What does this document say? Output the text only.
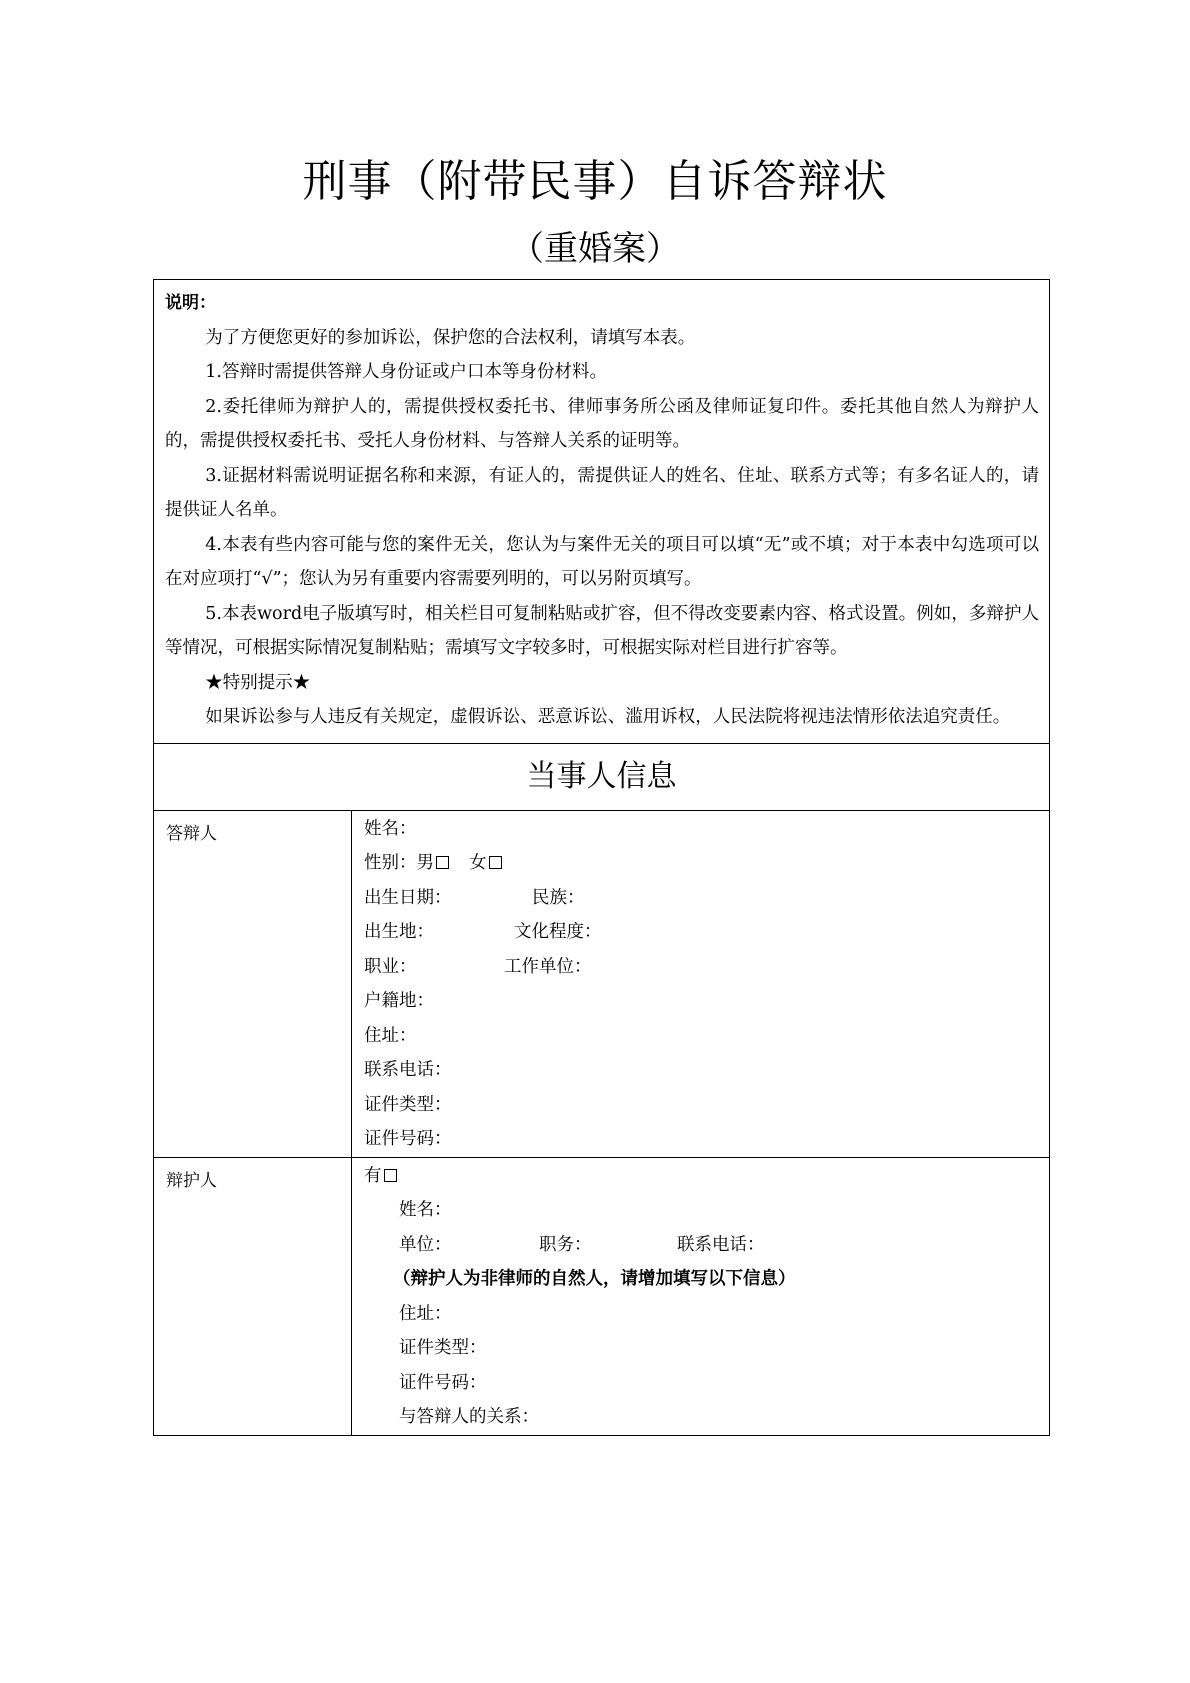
刑事（附带民事）自诉答辩状
（重婚案）
说明：

为了方便您更好的参加诉讼，保护您的合法权利，请填写本表。

1.答辩时需提供答辩人身份证或户口本等身份材料。

2.委托律师为辩护人的，需提供授权委托书、律师事务所公函及律师证复印件。委托其他自然人为辩护人的，需提供授权委托书、受托人身份材料、与答辩人关系的证明等。

3.证据材料需说明证据名称和来源，有证人的，需提供证人的姓名、住址、联系方式等；有多名证人的，请提供证人名单。

4.本表有些内容可能与您的案件无关，您认为与案件无关的项目可以填“无”或不填；对于本表中勾选项可以在对应项打“√”；您认为另有重要内容需要列明的，可以另附页填写。

5.本表word电子版填写时，相关栏目可复制粘贴或扩容，但不得改变要素内容、格式设置。例如，多辩护人等情况，可根据实际情况复制粘贴；需填写文字较多时，可根据实际对栏目进行扩容等。

★特别提示★

如果诉讼参与人违反有关规定，虚假诉讼、恶意诉讼、滥用诉权，人民法院将视违法情形依法追究责任。

当事人信息
答辩人	姓名：
性别：男 女
出生日期：	民族：
出生地：	文化程度：
职业：	工作单位：
户籍地：
住址：
联系电话：
证件类型：
证件号码：
辩护人	有
姓名：
单位：	职务：	联系电话：
（辩护人为非律师的自然人，请增加填写以下信息）
住址：
证件类型：
证件号码：
与答辩人的关系：
